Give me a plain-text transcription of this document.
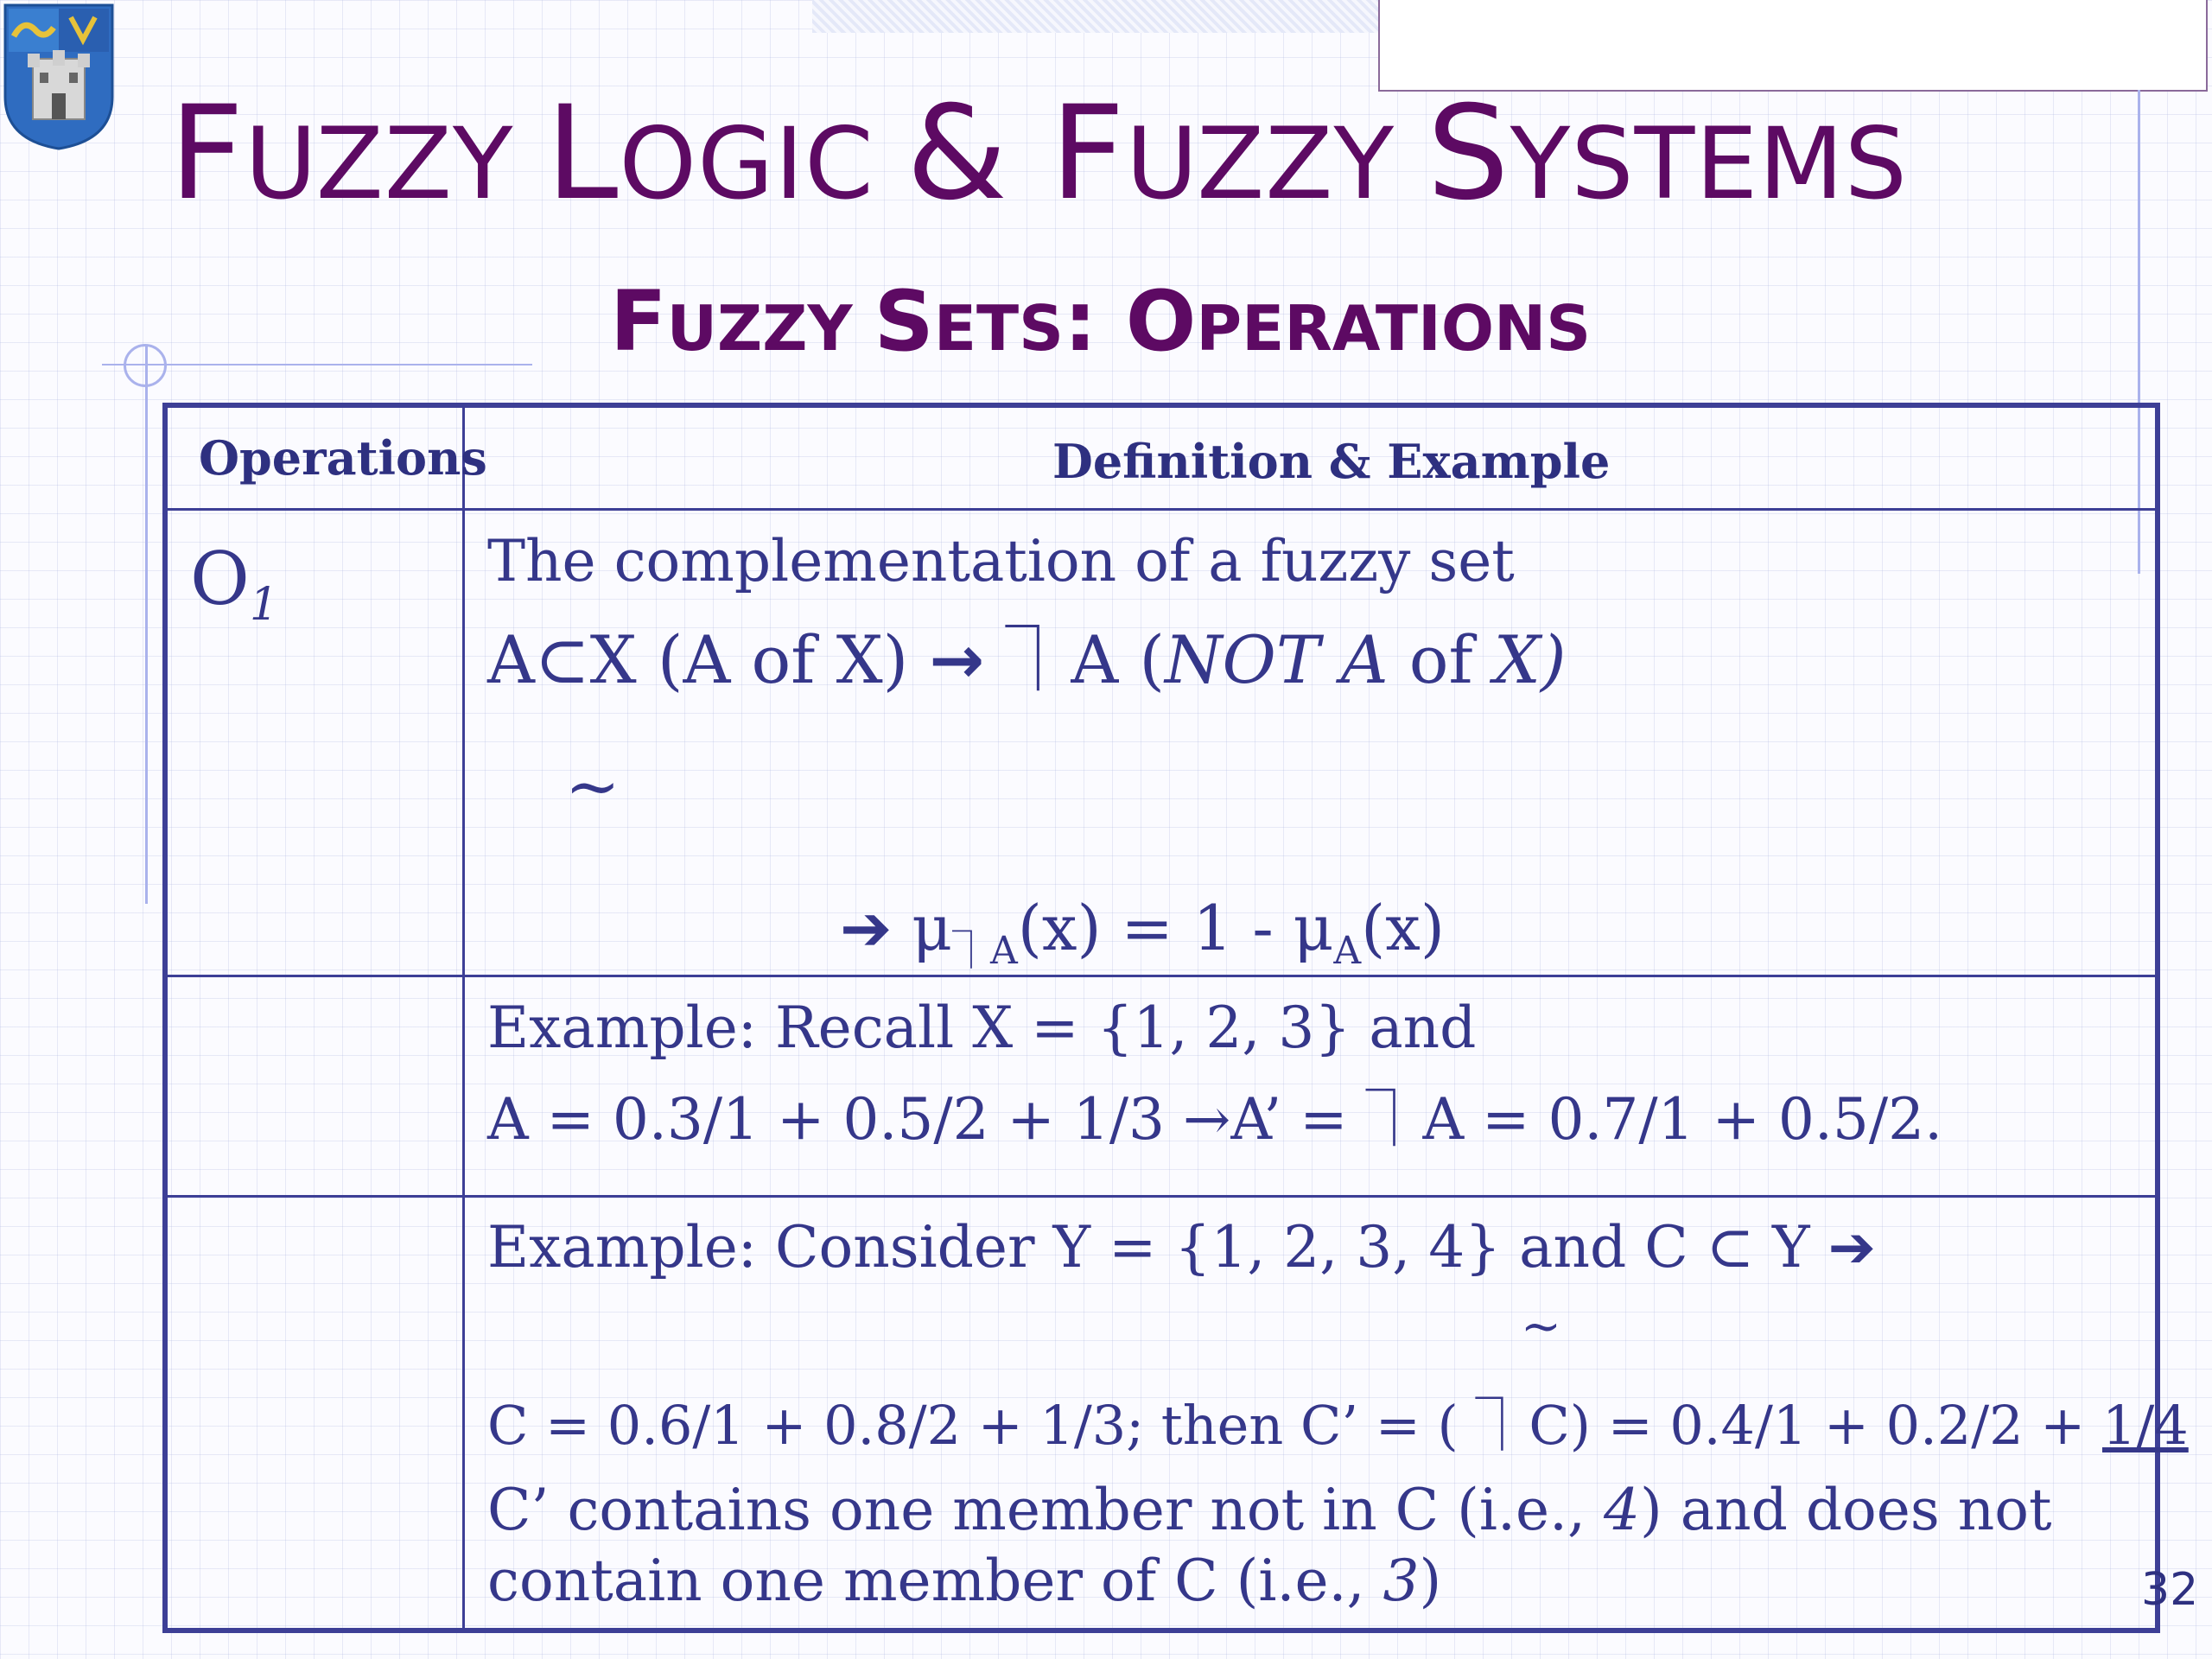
FUZZY LOGIC & FUZZY SYSTEMS
FUZZY SETS: OPERATIONS
Operations	Definition & Example
$O_1$
The complementation of a fuzzy set
A⊂X (A of X) → ⏋A (NOT A of X)
~
➔ $\mu_{⏋A}(x) = 1 - \mu_A(x)$
Example: Recall X = {1, 2, 3} and
A = 0.3/1 + 0.5/2 + 1/3 →A’ = ⏋A = 0.7/1 + 0.5/2.
Example: Consider Y = {1, 2, 3, 4} and C ⊂ Y ➔
~
C = 0.6/1 + 0.8/2 + 1/3; then C’ = ( ⏋C) = 0.4/1 + 0.2/2 + 1/4
C’ contains one member not in C (i.e., 4) and does not
contain one member of C (i.e., 3)	32
